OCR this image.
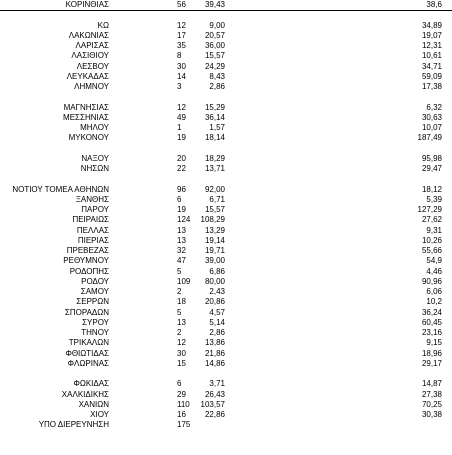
ΚΟΡΙΝΘΙΑΣ	56 39,43	38,6
ΚΩ	12	9,00	34,89
ΛΑΚΩΝΙΑΣ	17 20,57	19,07
ΛΑΡΙΣΑΣ	35 36,00	12,31
ΛΑΣΙΘΙΟΥ	8	15,57	10,61
ΛΕΣΒΟΥ	30 24,29	34,71
ΛΕΥΚΑΔΑΣ	14	8,43	59,09
ΛΗΜΝΟΥ	3	2,86	17,38
ΜΑΓΝΗΣΙΑΣ	12 15,29	6,32
ΜΕΣΣΗΝΙΑΣ	49 36,14	30,63
ΜΗΛΟΥ	1	1,57	10,07
ΜΥΚΟΝΟΥ	19 18,14	187,49
ΝΑΞΟΥ	20 18,29	95,98
ΝΗΣΩΝ	22 13,71	29,47
ΝΟΤΙΟΥ ΤΟΜΕΑ ΑΘΗΝΩΝ	96 92,00	18,12
ΞΑΝΘΗΣ	6	6,71	5,39
ΠΑΡΟΥ	19 15,57	127,29
ΠΕΙΡΑΙΩΣ	124 108,29	27,62
ΠΕΛΛΑΣ	13 13,29	9,31
ΠΙΕΡΙΑΣ	13 19,14	10,26
ΠΡΕΒΕΖΑΣ	32 19,71	55,66
ΡΕΘΥΜΝΟΥ	47 39,00	54,9
ΡΟΔΟΠΗΣ	5	6,86	4,46
ΡΟΔΟΥ	109 80,00	90,96
ΣΑΜΟΥ	2	2,43	6,06
ΣΕΡΡΩΝ	18 20,86	10,2
ΣΠΟΡΑΔΩΝ	5	4,57	36,24
ΣΥΡΟΥ	13	5,14	60,45
ΤΗΝΟΥ	2	2,86	23,16
ΤΡΙΚΑΛΩΝ	12 13,86	9,15
ΦΘΙΩΤΙΔΑΣ	30 21,86	18,96
ΦΛΩΡΙΝΑΣ	15 14,86	29,17
ΦΩΚΙΔΑΣ	6	3,71	14,87
ΧΑΛΚΙΔΙΚΗΣ	29 26,43	27,38
ΧΑΝΙΩΝ	110 103,57	70,25
ΧΙΟΥ	16 22,86	30,38
ΥΠΟ ΔΙΕΡΕΥΝΗΣΗ	175
